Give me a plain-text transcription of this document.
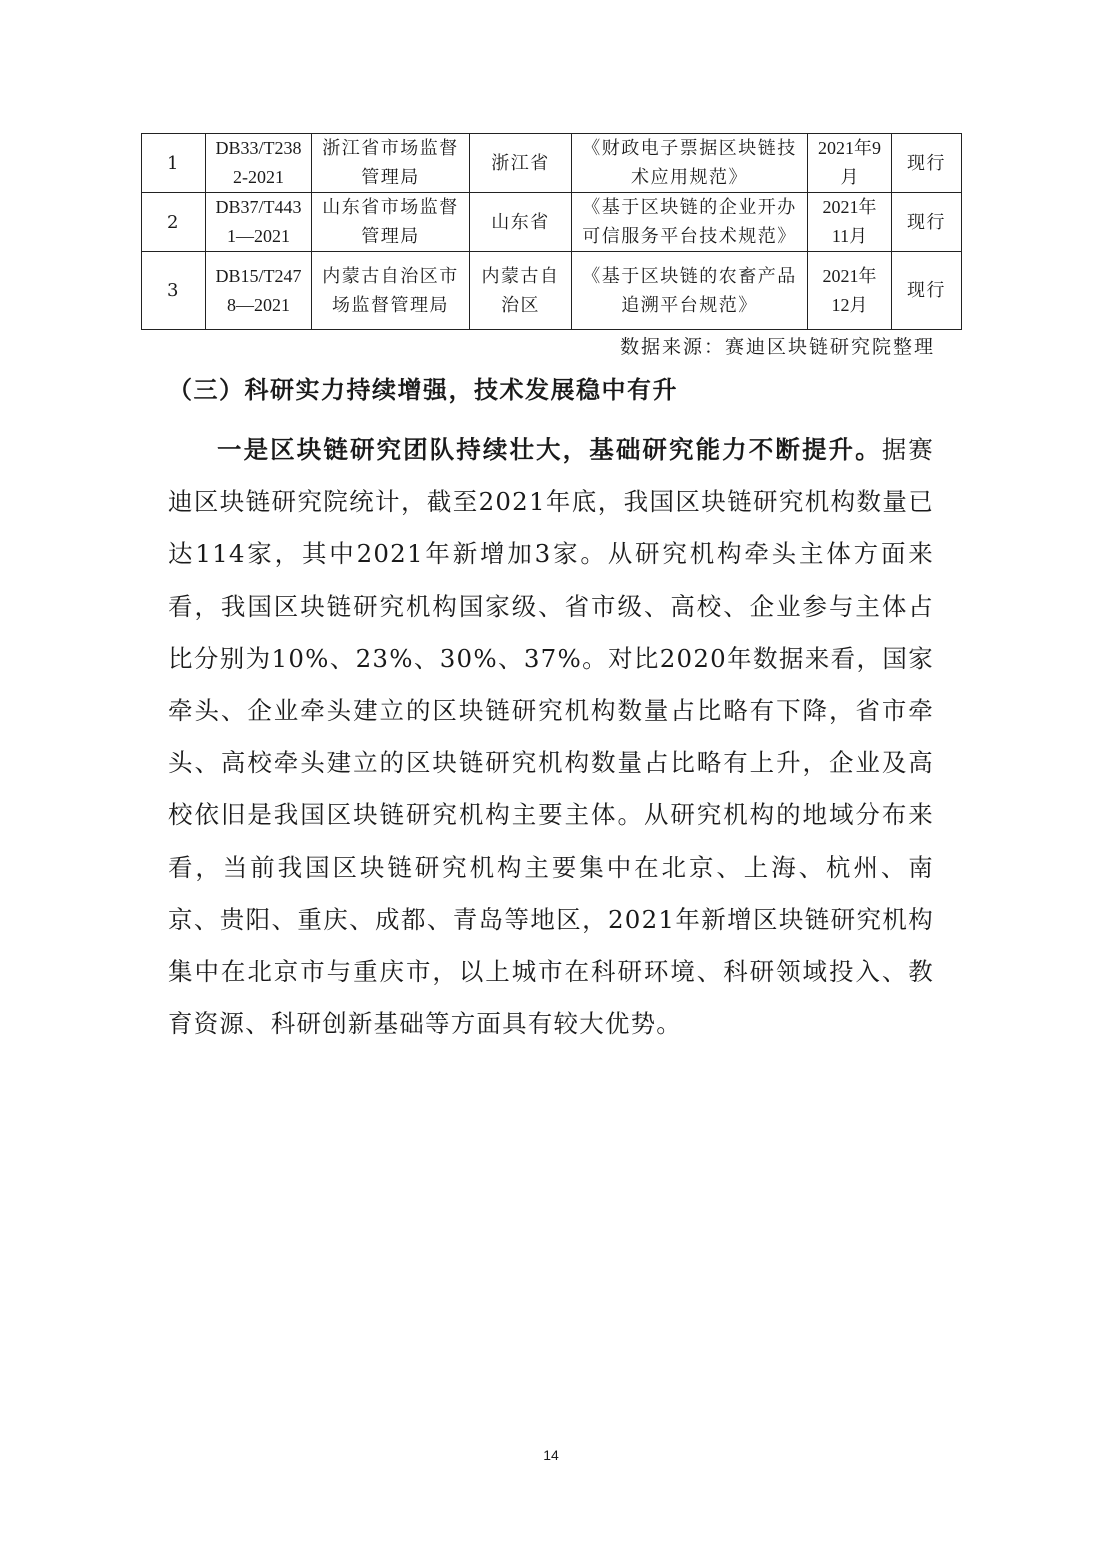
1	DB33/T2382-2021	浙江省市场监督管理局	浙江省	《财政电子票据区块链技术应用规范》	2021年9月	现行
2	DB37/T4431—2021	山东省市场监督管理局	山东省	《基于区块链的企业开办可信服务平台技术规范》	2021年11月	现行
3	DB15/T2478—2021	内蒙古自治区市场监督管理局	内蒙古自治区	《基于区块链的农畜产品追溯平台规范》	2021年12月	现行
数据来源：赛迪区块链研究院整理
（三）科研实力持续增强，技术发展稳中有升

一是区块链研究团队持续壮大，基础研究能力不断提升。据赛迪区块链研究院统计，截至2021年底，我国区块链研究机构数量已达114家，其中2021年新增加3家。从研究机构牵头主体方面来看，我国区块链研究机构国家级、省市级、高校、企业参与主体占比分别为10%、23%、30%、37%。对比2020年数据来看，国家牵头、企业牵头建立的区块链研究机构数量占比略有下降，省市牵头、高校牵头建立的区块链研究机构数量占比略有上升，企业及高校依旧是我国区块链研究机构主要主体。从研究机构的地域分布来看，当前我国区块链研究机构主要集中在北京、上海、杭州、南京、贵阳、重庆、成都、青岛等地区，2021年新增区块链研究机构集中在北京市与重庆市，以上城市在科研环境、科研领域投入、教育资源、科研创新基础等方面具有较大优势。

14
